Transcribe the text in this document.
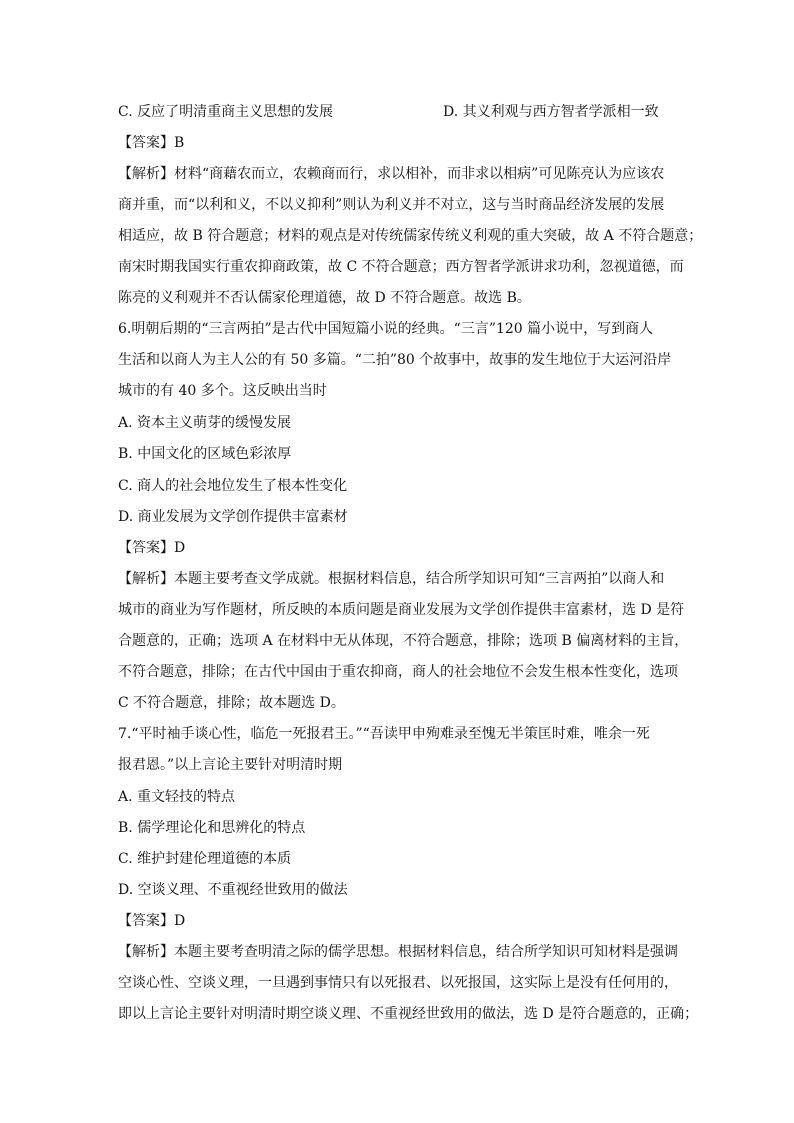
C. 反应了明清重商主义思想的发展	D. 其义利观与西方智者学派相一致
【答案】B
【解析】材料“商藉农而立，农赖商而行，求以相补，而非求以相病”可见陈亮认为应该农
商并重，而“以利和义，不以义抑利”则认为利义并不对立，这与当时商品经济发展的发展
相适应，故 B 符合题意；材料的观点是对传统儒家传统义利观的重大突破，故 A 不符合题意；
南宋时期我国实行重农抑商政策，故 C 不符合题意；西方智者学派讲求功利，忽视道德，而
陈亮的义利观并不否认儒家伦理道德，故 D 不符合题意。故选 B。
6.明朝后期的“三言两拍”是古代中国短篇小说的经典。“三言”120 篇小说中，写到商人
生活和以商人为主人公的有 50 多篇。“二拍”80 个故事中，故事的发生地位于大运河沿岸
城市的有 40 多个。这反映出当时
A. 资本主义萌芽的缓慢发展
B. 中国文化的区域色彩浓厚
C. 商人的社会地位发生了根本性变化
D. 商业发展为文学创作提供丰富素材
【答案】D
【解析】本题主要考查文学成就。根据材料信息，结合所学知识可知“三言两拍”以商人和
城市的商业为写作题材，所反映的本质问题是商业发展为文学创作提供丰富素材，选 D 是符
合题意的，正确；选项 A 在材料中无从体现，不符合题意，排除；选项 B 偏离材料的主旨，
不符合题意，排除；在古代中国由于重农抑商，商人的社会地位不会发生根本性变化，选项
C 不符合题意，排除；故本题选 D。
7.“平时袖手谈心性，临危一死报君王。”“吾读甲申殉难录至愧无半策匡时难，唯余一死
报君恩。”以上言论主要针对明清时期
A. 重文轻技的特点
B. 儒学理论化和思辨化的特点
C. 维护封建伦理道德的本质
D. 空谈义理、不重视经世致用的做法
【答案】D
【解析】本题主要考查明清之际的儒学思想。根据材料信息，结合所学知识可知材料是强调
空谈心性、空谈义理，一旦遇到事情只有以死报君、以死报国，这实际上是没有任何用的，
即以上言论主要针对明清时期空谈义理、不重视经世致用的做法，选 D 是符合题意的，正确；
